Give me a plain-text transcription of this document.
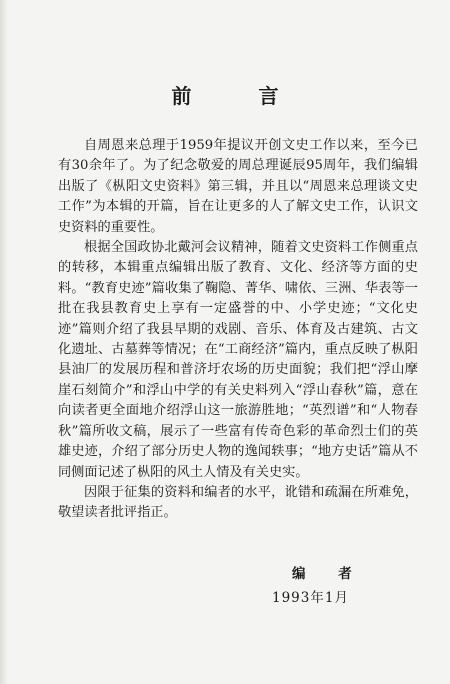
前 言

自周恩来总理于1959年提议开创文史工作以来，至今已有30余年了。为了纪念敬爱的周总理诞辰95周年，我们编辑出版了《枞阳文史资料》第三辑，并且以“周恩来总理谈文史工作”为本辑的开篇，旨在让更多的人了解文史工作，认识文史资料的重要性。

根据全国政协北戴河会议精神，随着文史资料工作侧重点的转移，本辑重点编辑出版了教育、文化、经济等方面的史料。“教育史迹”篇收集了鞠隐、菁华、啸依、三洲、华表等一批在我县教育史上享有一定盛誉的中、小学史迹；“文化史迹”篇则介绍了我县早期的戏剧、音乐、体育及古建筑、古文化遗址、古墓葬等情况；在“工商经济”篇内，重点反映了枞阳县油厂的发展历程和普济圩农场的历史面貌；我们把“浮山摩崖石刻简介”和浮山中学的有关史料列入“浮山春秋”篇，意在向读者更全面地介绍浮山这一旅游胜地；“英烈谱”和“人物春秋”篇所收文稿，展示了一些富有传奇色彩的革命烈士们的英雄史迹，介绍了部分历史人物的逸闻轶事；“地方史话”篇从不同侧面记述了枞阳的风土人情及有关史实。

因限于征集的资料和编者的水平，讹错和疏漏在所难免，敬望读者批评指正。

编 者
1993年1月
